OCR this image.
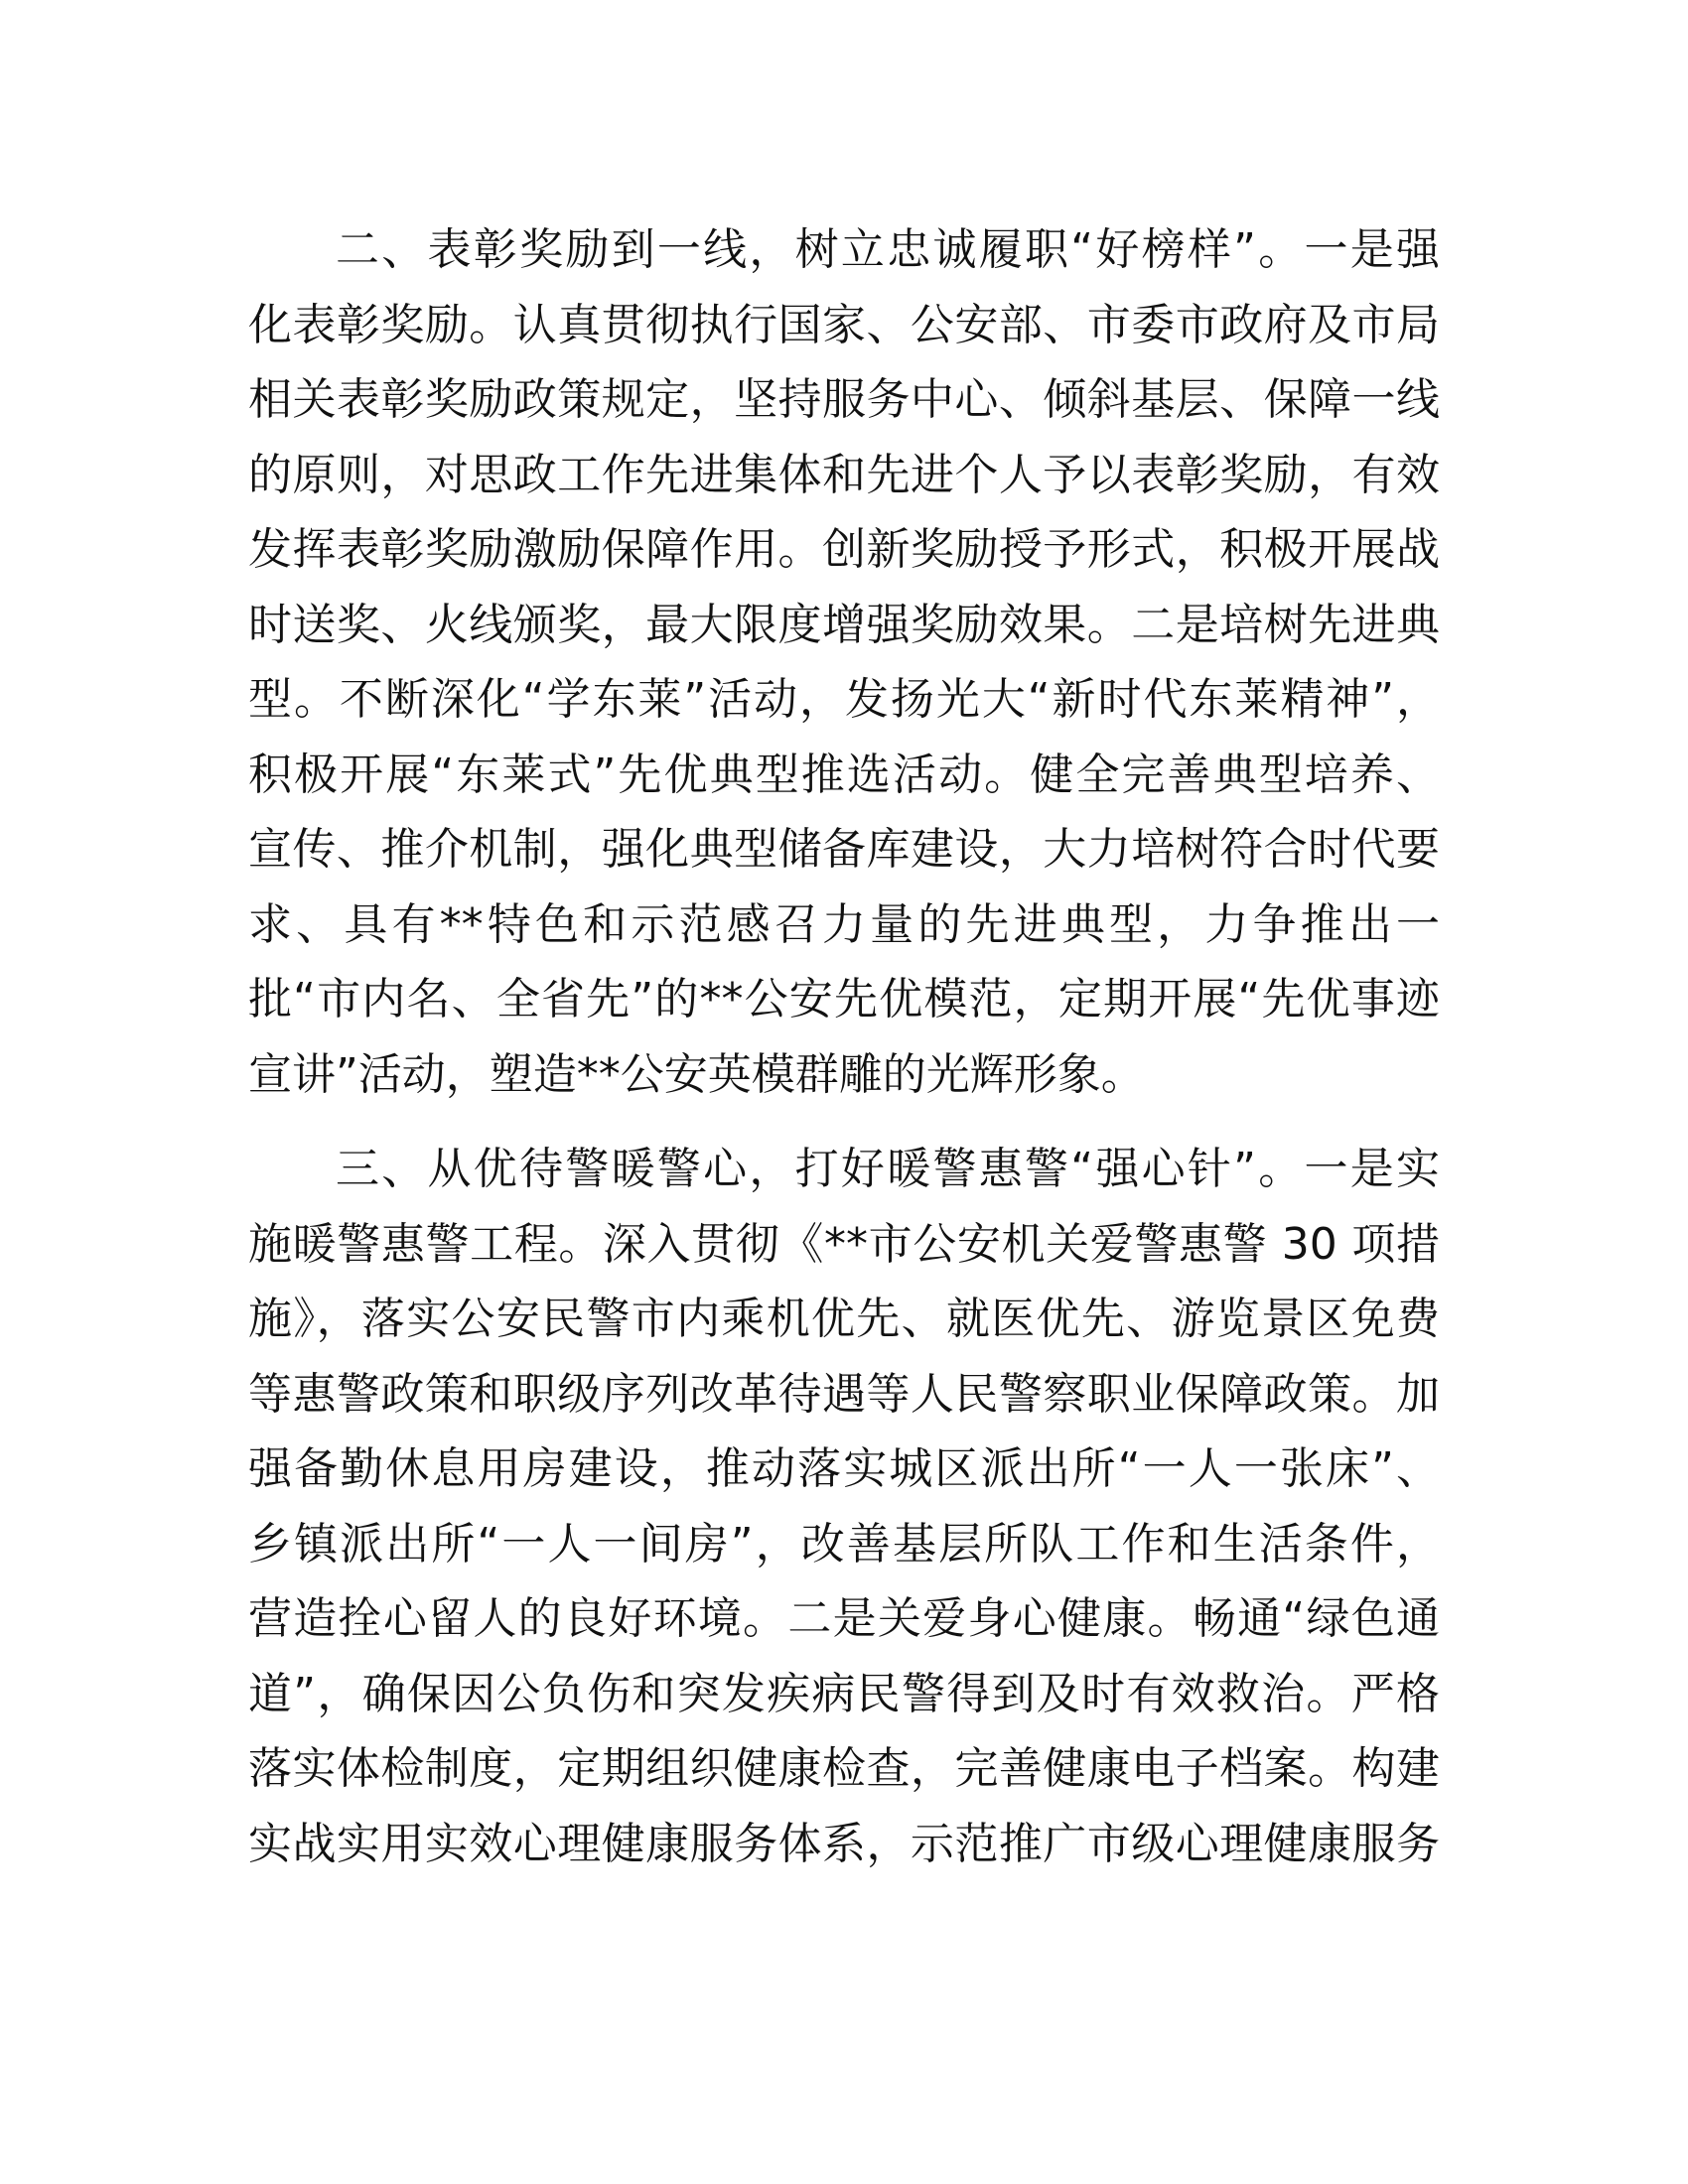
二、表彰奖励到一线，树立忠诚履职“好榜样”。一是强
化表彰奖励。认真贯彻执行国家、公安部、市委市政府及市局
相关表彰奖励政策规定，坚持服务中心、倾斜基层、保障一线
的原则，对思政工作先进集体和先进个人予以表彰奖励，有效
发挥表彰奖励激励保障作用。创新奖励授予形式，积极开展战
时送奖、火线颁奖，最大限度增强奖励效果。二是培树先进典
型。不断深化“学东莱”活动，发扬光大“新时代东莱精神”，
积极开展“东莱式”先优典型推选活动。健全完善典型培养、
宣传、推介机制，强化典型储备库建设，大力培树符合时代要
求、具有**特色和示范感召力量的先进典型，力争推出一
批“市内名、全省先”的**公安先优模范，定期开展“先优事迹
宣讲”活动，塑造**公安英模群雕的光辉形象。
三、从优待警暖警心，打好暖警惠警“强心针”。一是实
施暖警惠警工程。深入贯彻《**市公安机关爱警惠警 30 项措
施》，落实公安民警市内乘机优先、就医优先、游览景区免费
等惠警政策和职级序列改革待遇等人民警察职业保障政策。加
强备勤休息用房建设，推动落实城区派出所“一人一张床”、
乡镇派出所“一人一间房”，改善基层所队工作和生活条件，
营造拴心留人的良好环境。二是关爱身心健康。畅通“绿色通
道”，确保因公负伤和突发疾病民警得到及时有效救治。严格
落实体检制度，定期组织健康检查，完善健康电子档案。构建
实战实用实效心理健康服务体系，示范推广市级心理健康服务
